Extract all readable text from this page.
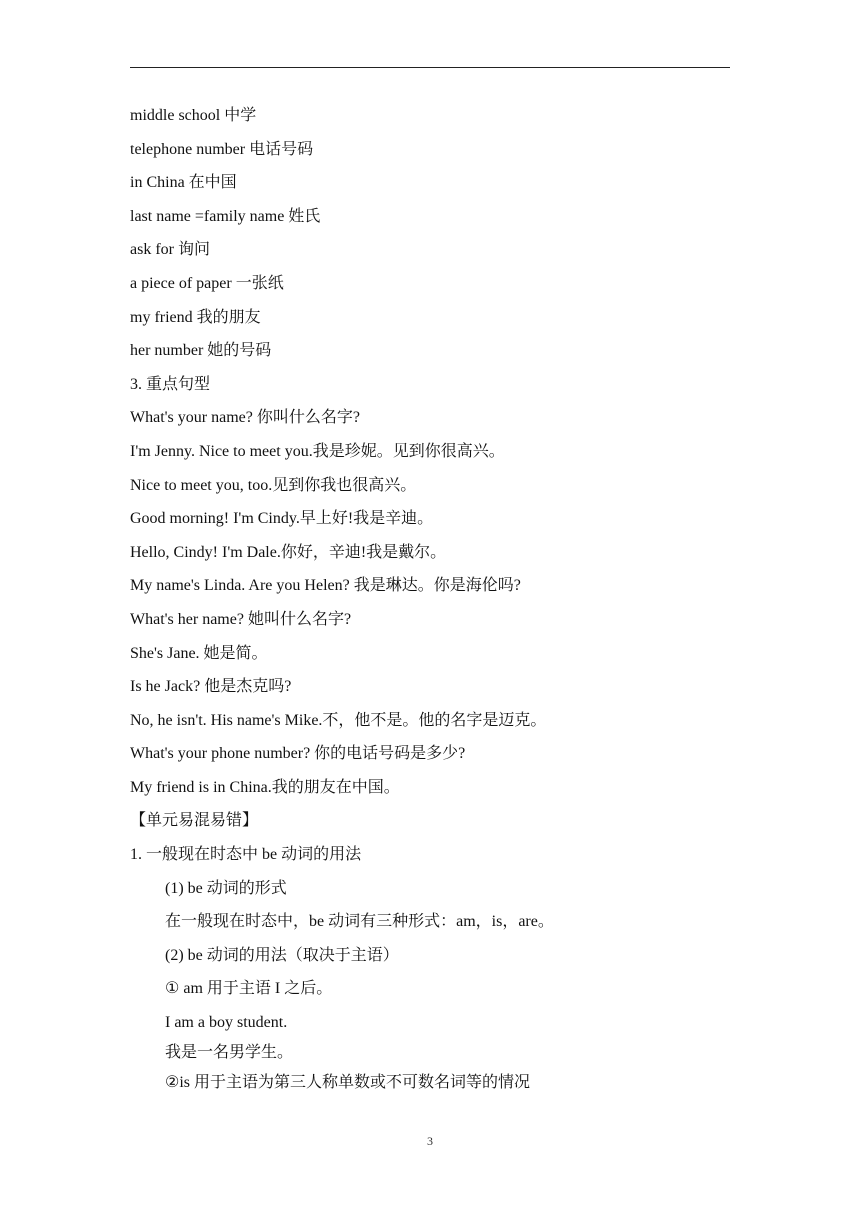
middle school 中学
telephone number 电话号码
in China 在中国
last name =family name 姓氏
ask for 询问
a piece of paper 一张纸
my friend 我的朋友
her number 她的号码
3. 重点句型
What's your name? 你叫什么名字?
I'm Jenny. Nice to meet you.我是珍妮。见到你很高兴。
Nice to meet you, too.见到你我也很高兴。
Good morning! I'm Cindy.早上好!我是辛迪。
Hello, Cindy! I'm Dale.你好，辛迪!我是戴尔。
My name's Linda. Are you Helen? 我是琳达。你是海伦吗?
What's her name? 她叫什么名字?
She's Jane. 她是简。
Is he Jack? 他是杰克吗?
No, he isn't. His name's Mike.不，他不是。他的名字是迈克。
What's your phone number? 你的电话号码是多少?
My friend is in China.我的朋友在中国。
【单元易混易错】
1. 一般现在时态中 be 动词的用法
(1) be 动词的形式
在一般现在时态中，be 动词有三种形式：am，is，are。
(2) be 动词的用法（取决于主语）
① am 用于主语 I 之后。
I am a boy student.
我是一名男学生。
②is 用于主语为第三人称单数或不可数名词等的情况
3
